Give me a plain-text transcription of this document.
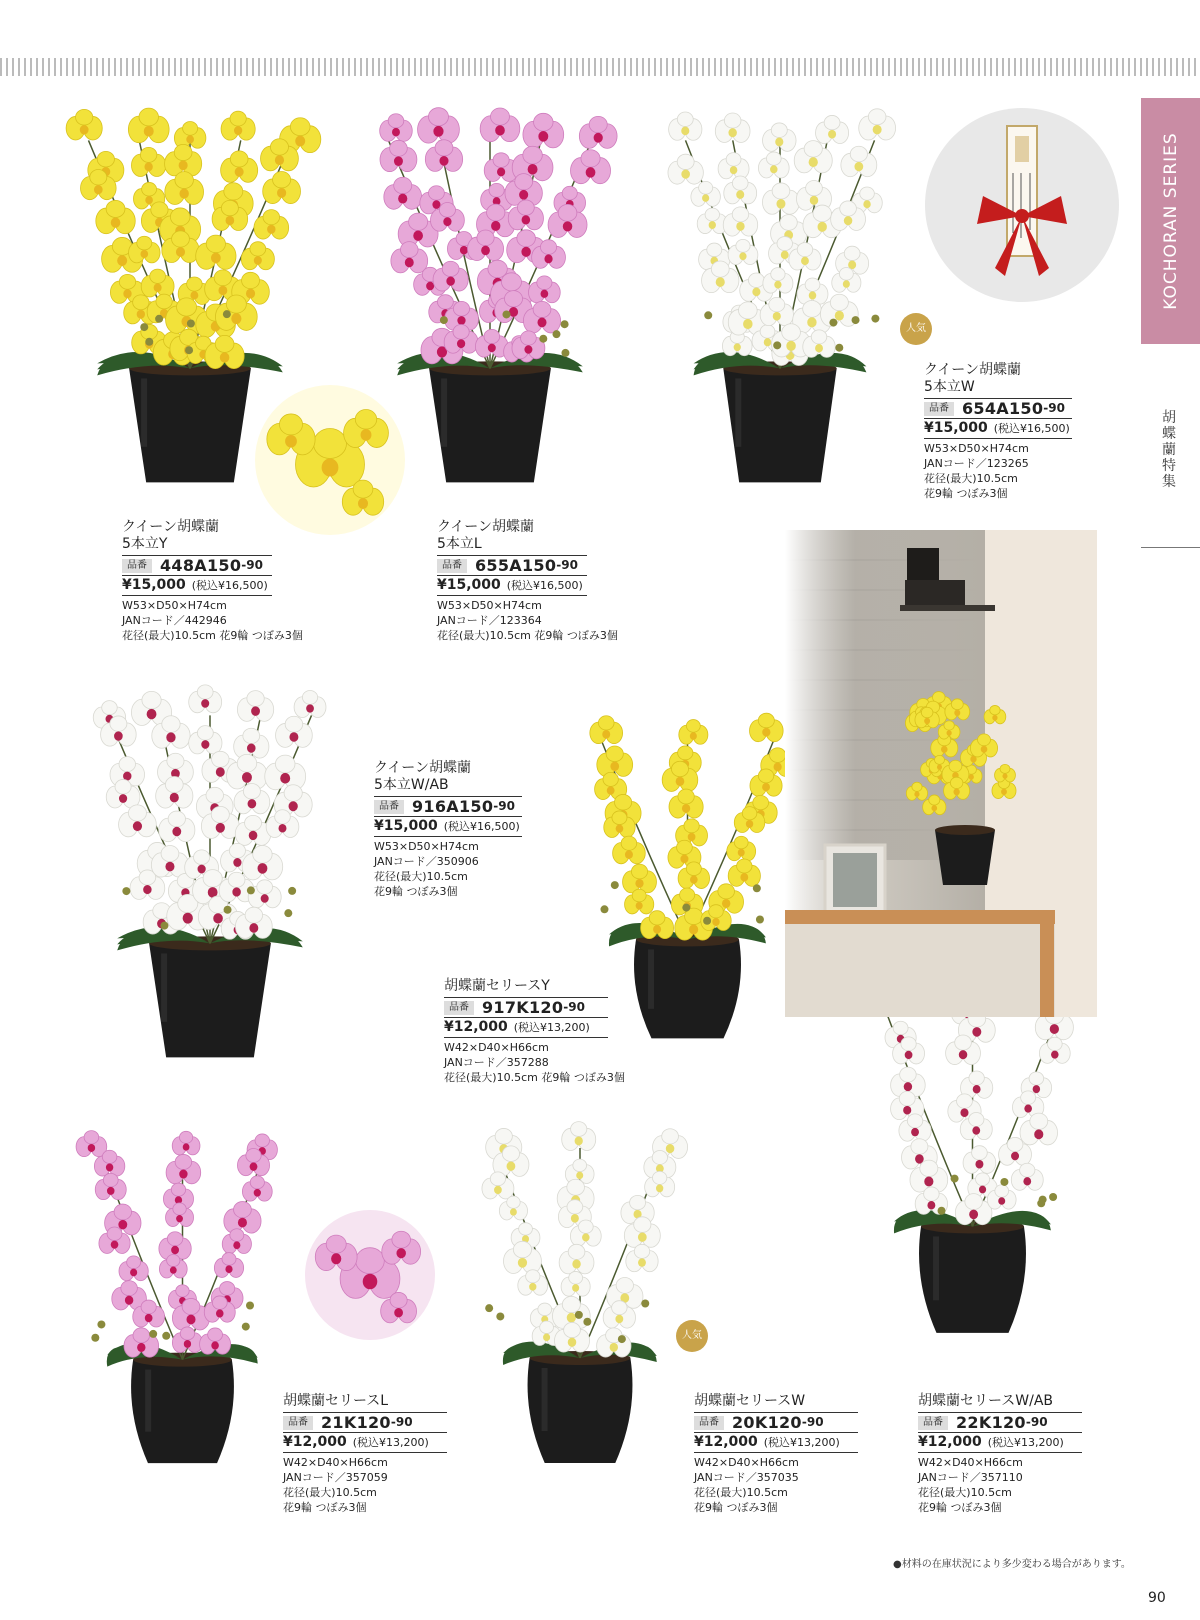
KOCHORAN SERIES
胡蝶蘭特集
人気
人気
クイーン胡蝶蘭
5本立Y
品番 448A150 -90
¥15,000 (税込¥16,500)
W53×D50×H74cm
JANコード／442946
花径(最大)10.5cm 花9輪 つぼみ3個
クイーン胡蝶蘭
5本立L
品番 655A150 -90
¥15,000 (税込¥16,500)
W53×D50×H74cm
JANコード／123364
花径(最大)10.5cm 花9輪 つぼみ3個
クイーン胡蝶蘭
5本立W
品番 654A150 -90
¥15,000 (税込¥16,500)
W53×D50×H74cm
JANコード／123265
花径(最大)10.5cm
花9輪 つぼみ3個
クイーン胡蝶蘭
5本立W/AB
品番 916A150 -90
¥15,000 (税込¥16,500)
W53×D50×H74cm
JANコード／350906
花径(最大)10.5cm
花9輪 つぼみ3個
胡蝶蘭セリースY
品番 917K120 -90
¥12,000 (税込¥13,200)
W42×D40×H66cm
JANコード／357288
花径(最大)10.5cm 花9輪 つぼみ3個
胡蝶蘭セリースL
品番 21K120 -90
¥12,000 (税込¥13,200)
W42×D40×H66cm
JANコード／357059
花径(最大)10.5cm
花9輪 つぼみ3個
胡蝶蘭セリースW
品番 20K120 -90
¥12,000 (税込¥13,200)
W42×D40×H66cm
JANコード／357035
花径(最大)10.5cm
花9輪 つぼみ3個
胡蝶蘭セリースW/AB
品番 22K120 -90
¥12,000 (税込¥13,200)
W42×D40×H66cm
JANコード／357110
花径(最大)10.5cm
花9輪 つぼみ3個
●材料の在庫状況により多少変わる場合があります。
90
